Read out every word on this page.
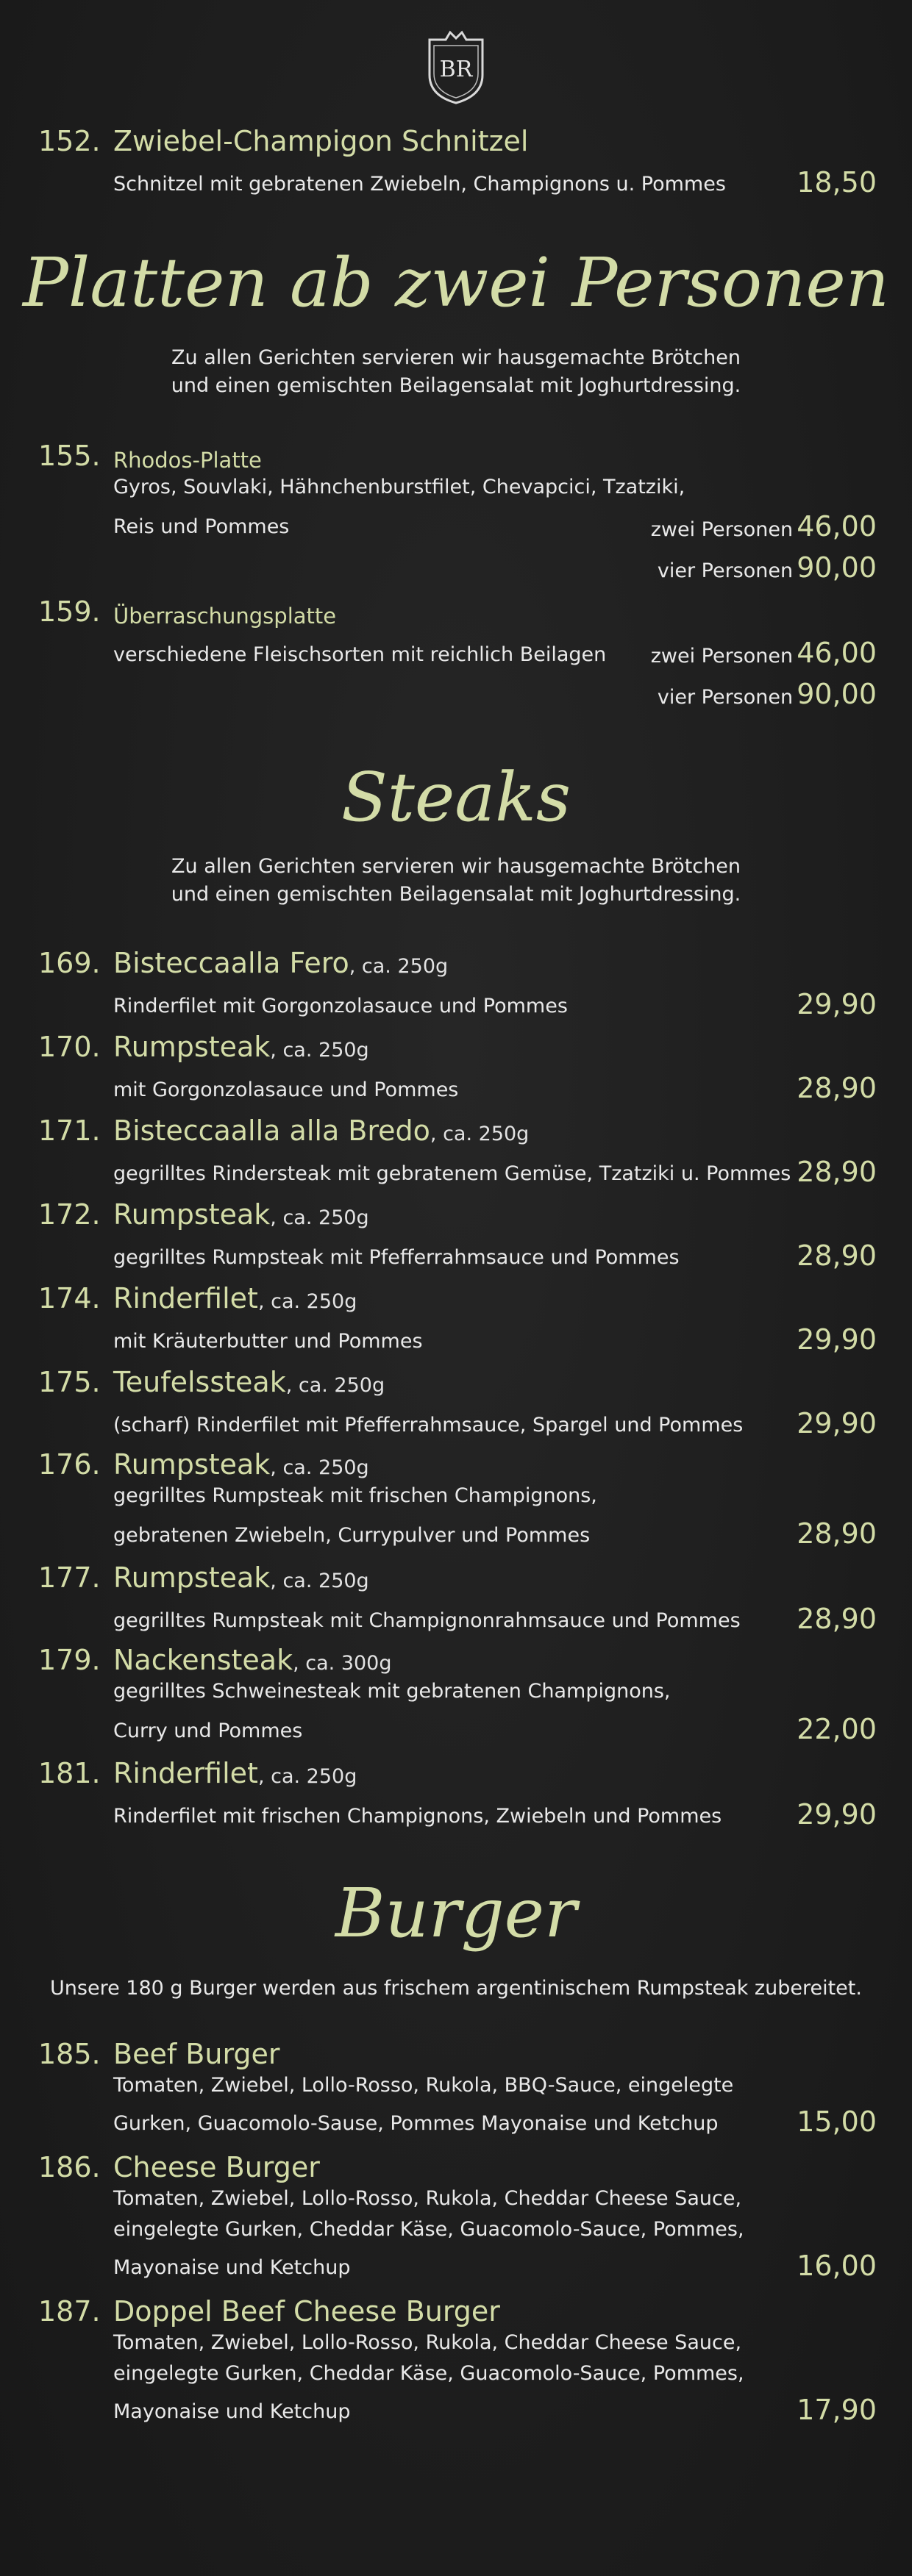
BR
152. Zwiebel-Champigon Schnitzel
Schnitzel mit gebratenen Zwiebeln, Champignons u. Pommes	18,50
Platten ab zwei Personen
Zu allen Gerichten servieren wir hausgemachte Brötchen
und einen gemischten Beilagensalat mit Joghurtdressing.
155. Rhodos-Platte
Gyros, Souvlaki, Hähnchenburstfilet, Chevapcici, Tzatziki,
Reis und Pommes	zwei Personen 46,00
vier Personen 90,00
159. Überraschungsplatte
verschiedene Fleischsorten mit reichlich Beilagen zwei Personen 46,00
vier Personen 90,00
Steaks
Zu allen Gerichten servieren wir hausgemachte Brötchen
und einen gemischten Beilagensalat mit Joghurtdressing.
169. Bisteccaalla Fero, ca. 250g
Rinderfilet mit Gorgonzolasauce und Pommes	29,90
170. Rumpsteak, ca. 250g
mit Gorgonzolasauce und Pommes	28,90
171. Bisteccaalla alla Bredo, ca. 250g
gegrilltes Rindersteak mit gebratenem Gemüse, Tzatziki u. Pommes 28,90
172. Rumpsteak, ca. 250g
gegrilltes Rumpsteak mit Pfefferrahmsauce und Pommes	28,90
174. Rinderfilet, ca. 250g
mit Kräuterbutter und Pommes	29,90
175. Teufelssteak, ca. 250g
(scharf) Rinderfilet mit Pfefferrahmsauce, Spargel und Pommes 29,90
176. Rumpsteak, ca. 250g
gegrilltes Rumpsteak mit frischen Champignons,
gebratenen Zwiebeln, Currypulver und Pommes	28,90
177. Rumpsteak, ca. 250g
gegrilltes Rumpsteak mit Champignonrahmsauce und Pommes 28,90
179. Nackensteak, ca. 300g
gegrilltes Schweinesteak mit gebratenen Champignons,
Curry und Pommes	22,00
181. Rinderfilet, ca. 250g
Rinderfilet mit frischen Champignons, Zwiebeln und Pommes	29,90
Burger
Unsere 180 g Burger werden aus frischem argentinischem Rumpsteak zubereitet.
185. Beef Burger
Tomaten, Zwiebel, Lollo-Rosso, Rukola, BBQ-Sauce, eingelegte
Gurken, Guacomolo-Sause, Pommes Mayonaise und Ketchup	15,00
186. Cheese Burger
Tomaten, Zwiebel, Lollo-Rosso, Rukola, Cheddar Cheese Sauce,
eingelegte Gurken, Cheddar Käse, Guacomolo-Sauce, Pommes,
Mayonaise und Ketchup	16,00
187. Doppel Beef Cheese Burger
Tomaten, Zwiebel, Lollo-Rosso, Rukola, Cheddar Cheese Sauce,
eingelegte Gurken, Cheddar Käse, Guacomolo-Sauce, Pommes,
Mayonaise und Ketchup	17,90
